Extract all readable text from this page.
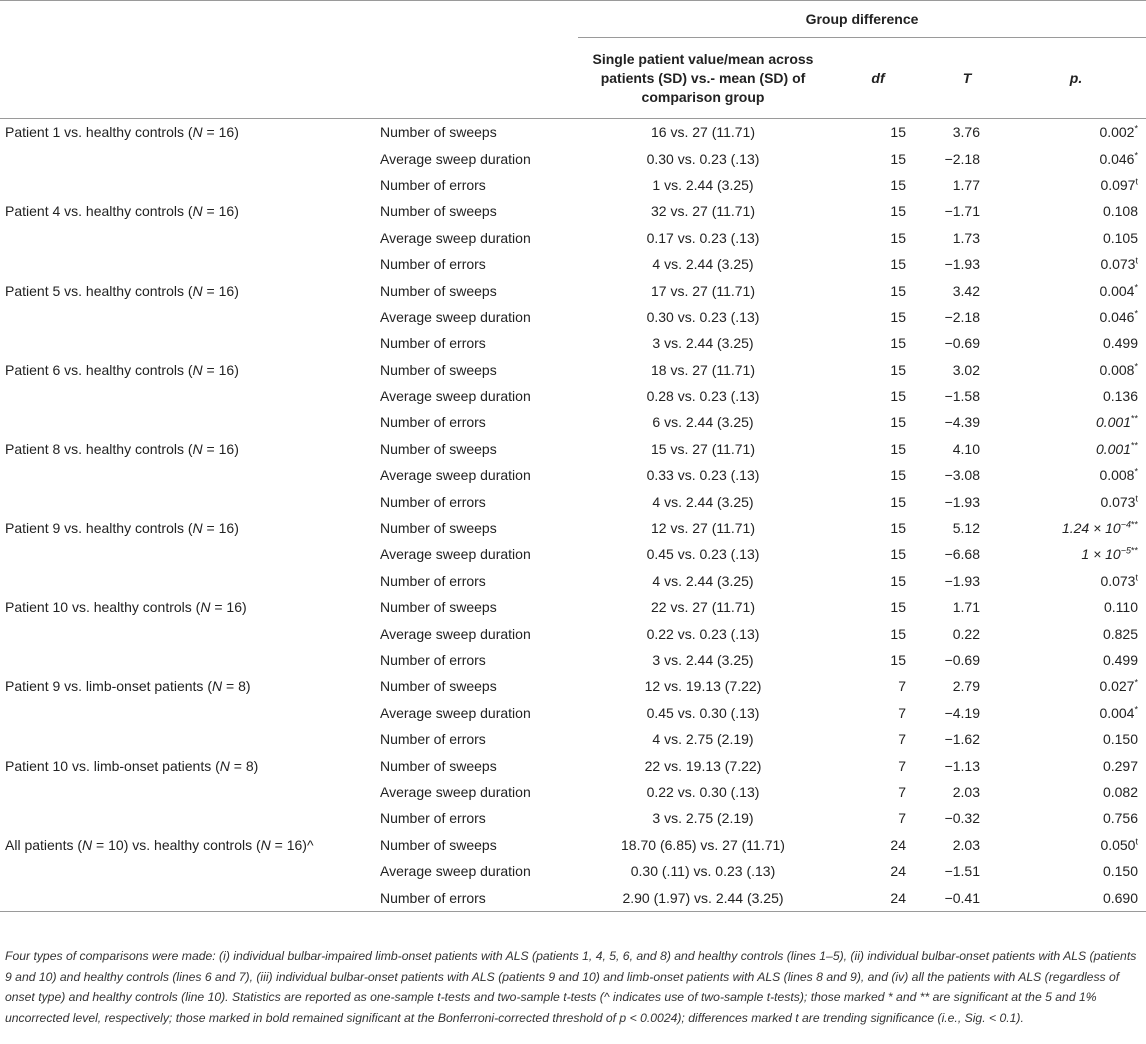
		Group difference			
		Single patient value/mean across patients (SD) vs.- mean (SD) of comparison group	df	T	p.
Patient 1 vs. healthy controls (N = 16)	Number of sweeps	16 vs. 27 (11.71)	15	3.76	0.002*
	Average sweep duration	0.30 vs. 0.23 (.13)	15	−2.18	0.046*
	Number of errors	1 vs. 2.44 (3.25)	15	1.77	0.097$^t$
Patient 4 vs. healthy controls (N = 16)	Number of sweeps	32 vs. 27 (11.71)	15	−1.71	0.108
	Average sweep duration	0.17 vs. 0.23 (.13)	15	1.73	0.105
	Number of errors	4 vs. 2.44 (3.25)	15	−1.93	0.073$^t$
Patient 5 vs. healthy controls (N = 16)	Number of sweeps	17 vs. 27 (11.71)	15	3.42	0.004*
	Average sweep duration	0.30 vs. 0.23 (.13)	15	−2.18	0.046*
	Number of errors	3 vs. 2.44 (3.25)	15	−0.69	0.499
Patient 6 vs. healthy controls (N = 16)	Number of sweeps	18 vs. 27 (11.71)	15	3.02	0.008*
	Average sweep duration	0.28 vs. 0.23 (.13)	15	−1.58	0.136
	Number of errors	6 vs. 2.44 (3.25)	15	−4.39	0.001**
Patient 8 vs. healthy controls (N = 16)	Number of sweeps	15 vs. 27 (11.71)	15	4.10	0.001**
	Average sweep duration	0.33 vs. 0.23 (.13)	15	−3.08	0.008*
	Number of errors	4 vs. 2.44 (3.25)	15	−1.93	0.073$^t$
Patient 9 vs. healthy controls (N = 16)	Number of sweeps	12 vs. 27 (11.71)	15	5.12	$1.24 \times 10^{-4**}$
	Average sweep duration	0.45 vs. 0.23 (.13)	15	−6.68	$1 \times 10^{-5**}$
	Number of errors	4 vs. 2.44 (3.25)	15	−1.93	0.073$^t$
Patient 10 vs. healthy controls (N = 16)	Number of sweeps	22 vs. 27 (11.71)	15	1.71	0.110
	Average sweep duration	0.22 vs. 0.23 (.13)	15	0.22	0.825
	Number of errors	3 vs. 2.44 (3.25)	15	−0.69	0.499
Patient 9 vs. limb-onset patients (N = 8)	Number of sweeps	12 vs. 19.13 (7.22)	7	2.79	0.027*
	Average sweep duration	0.45 vs. 0.30 (.13)	7	−4.19	0.004*
	Number of errors	4 vs. 2.75 (2.19)	7	−1.62	0.150
Patient 10 vs. limb-onset patients (N = 8)	Number of sweeps	22 vs. 19.13 (7.22)	7	−1.13	0.297
	Average sweep duration	0.22 vs. 0.30 (.13)	7	2.03	0.082
	Number of errors	3 vs. 2.75 (2.19)	7	−0.32	0.756
All patients (N = 10) vs. healthy controls (N = 16)^	Number of sweeps	18.70 (6.85) vs. 27 (11.71)	24	2.03	0.050$^t$
	Average sweep duration	0.30 (.11) vs. 0.23 (.13)	24	−1.51	0.150
	Number of errors	2.90 (1.97) vs. 2.44 (3.25)	24	−0.41	0.690
Four types of comparisons were made: (i) individual bulbar-impaired limb-onset patients with ALS (patients 1, 4, 5, 6, and 8) and healthy controls (lines 1–5), (ii) individual bulbar-onset patients with ALS (patients 9 and 10) and healthy controls (lines 6 and 7), (iii) individual bulbar-onset patients with ALS (patients 9 and 10) and limb-onset patients with ALS (lines 8 and 9), and (iv) all the patients with ALS (regardless of onset type) and healthy controls (line 10). Statistics are reported as one-sample t-tests and two-sample t-tests (^ indicates use of two-sample t-tests); those marked * and ** are significant at the 5 and 1% uncorrected level, respectively; those marked in bold remained significant at the Bonferroni-corrected threshold of p < 0.0024); differences marked t are trending significance (i.e., Sig. < 0.1).
